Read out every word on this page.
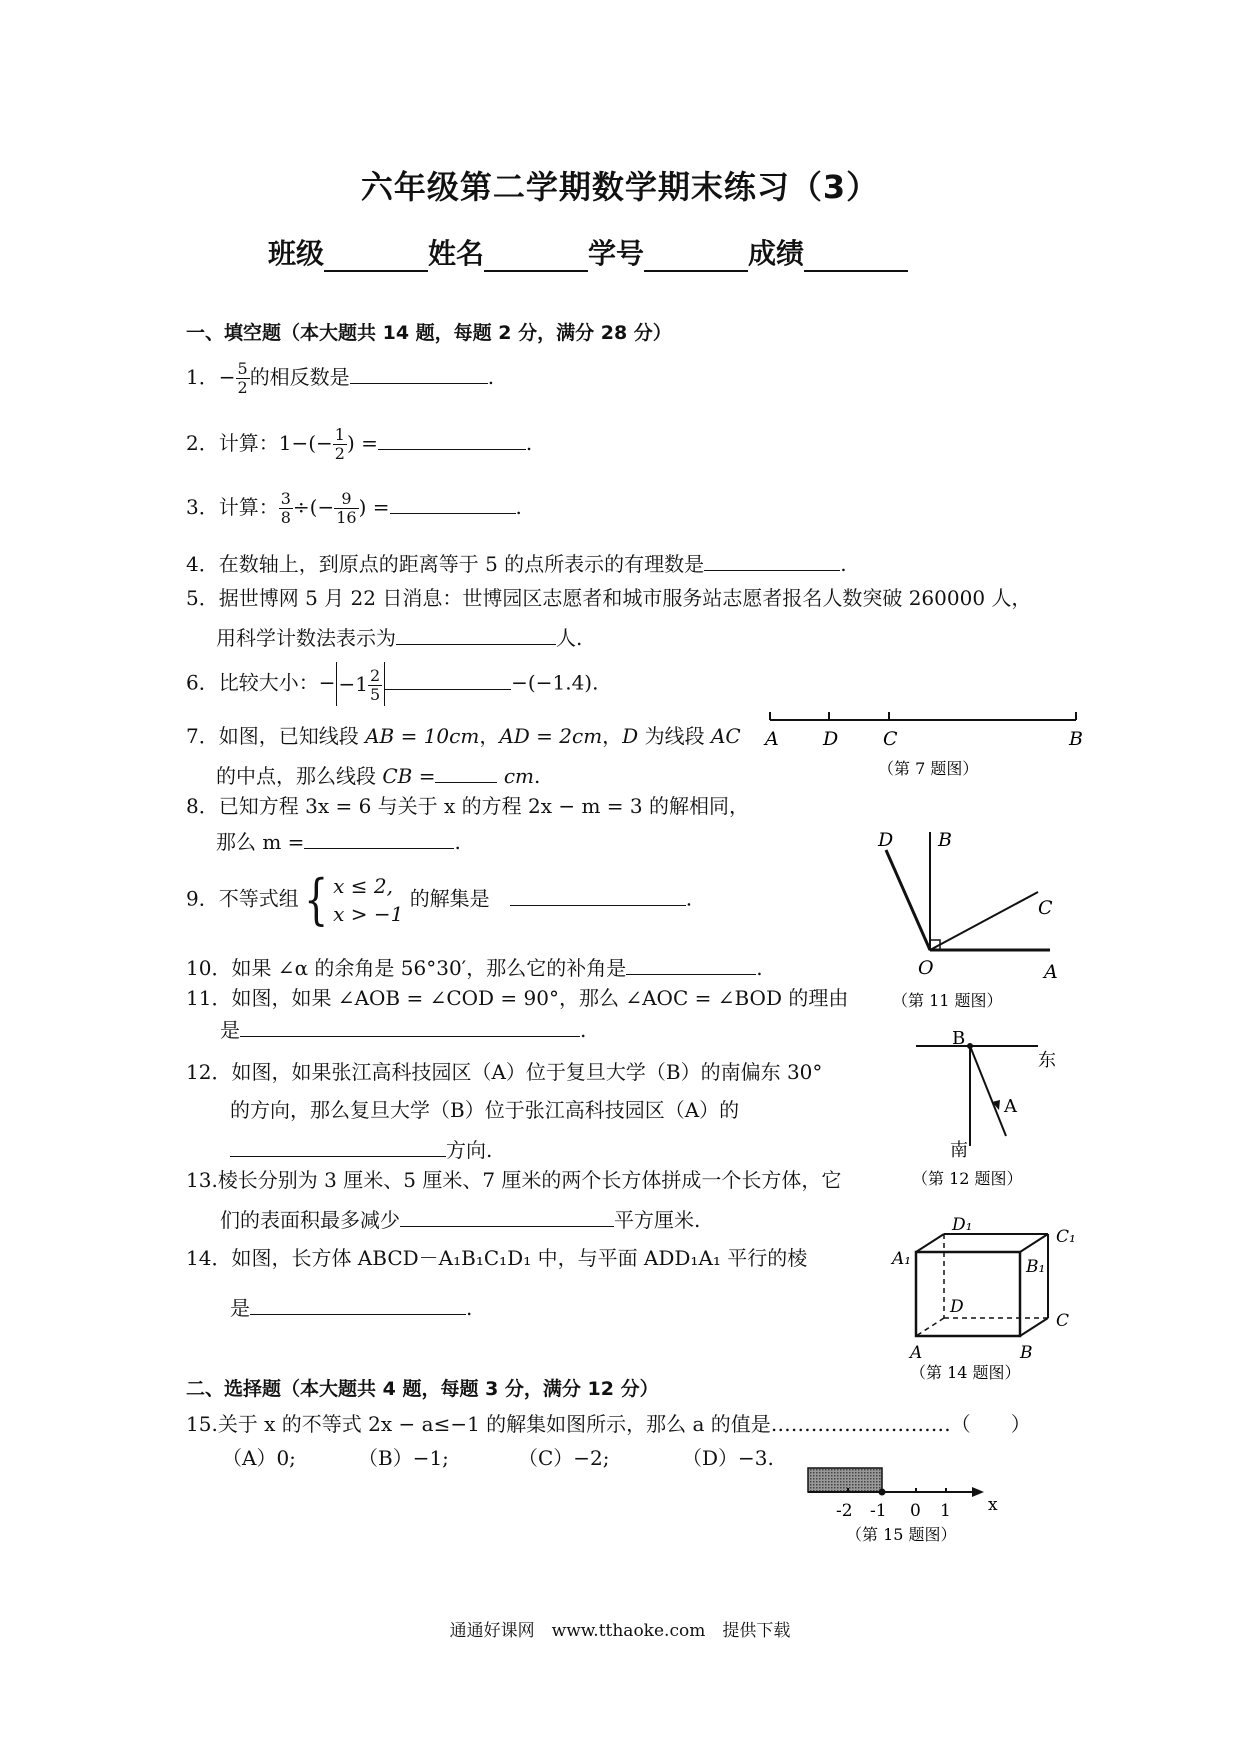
六年级第二学期数学期末练习（3）
班级	姓名	学号	成绩
一、填空题（本大题共 14 题，每题 2 分，满分 28 分）
1．− $\frac{5}{2}$ 的相反数是	.
2．计算：$1-(- \frac{1}{2}$ ) =	.
3．计算： $\frac{3}{8}$ ÷(− $\frac{9}{16}$ ) =	.
4．在数轴上，到原点的距离等于 5 的点所表示的有理数是	.
5．据世博网 5 月 22 日消息：世博园区志愿者和城市服务站志愿者报名人数突破 260000 人，
用科学计数法表示为	人.
6．比较大小：− $-1 \frac{2}{5}$	−(−1.4).
7．如图，已知线段 AB = 10cm，AD = 2cm，D 为线段 AC
的中点，那么线段 CB =	cm.
8．已知方程 3x = 6 与关于 x 的方程 2x − m = 3 的解相同，
那么 m =	.
9．不等式组{ x ≤ 2,
x > −1
的解集是　	.
10．如果 ∠α 的余角是 56°30′，那么它的补角是	.
11．如图，如果 ∠AOB = ∠COD = 90°，那么 ∠AOC = ∠BOD 的理由
是	.
12．如图，如果张江高科技园区（A）位于复旦大学（B）的南偏东 30°
的方向，那么复旦大学（B）位于张江高科技园区（A）的
方向.
13.棱长分别为 3 厘米、5 厘米、7 厘米的两个长方体拼成一个长方体，它
们的表面积最多减少	平方厘米.
14．如图，长方体 ABCD－A₁B₁C₁D₁ 中，与平面 ADD₁A₁ 平行的棱
是	.
二、选择题（本大题共 4 题，每题 3 分，满分 12 分）
15.关于 x 的不等式 2x − a≤−1 的解集如图所示，那么 a 的值是………………………（　　）
（A）0;	（B）−1;	（C）−2;	（D）−3.
A D C	B
（第 7 题图）
D B
C
O	A
（第 11 题图）
B
东
A
南
（第 12 题图）
D₁
C₁
A₁	B₁
D
C
A	B
（第 14 题图）
-2 -1 0 1 x
（第 15 题图）
通通好课网　www.tthaoke.com　提供下载
